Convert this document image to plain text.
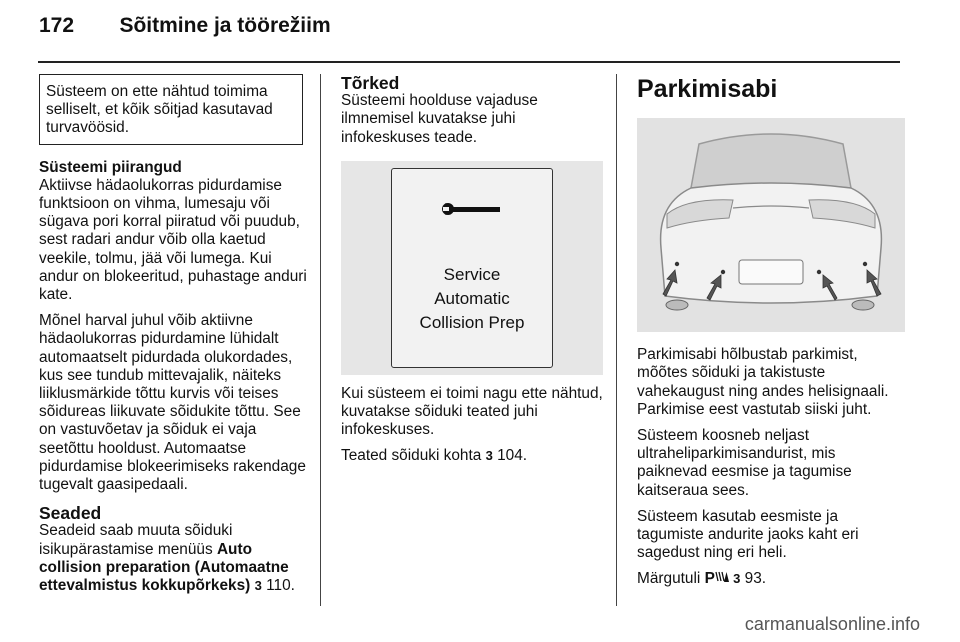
172 Sõitmine ja töörežiim
Süsteem on ette nähtud toimima selliselt, et kõik sõitjad kasutavad turvavöösid.
Süsteemi piirangud

Aktiivse hädaolukorras pidurdamise funktsioon on vihma, lumesaju või sügava pori korral piiratud või puudub, sest radari andur võib olla kaetud veekile, tolmu, jää või lumega. Kui andur on blokeeritud, puhastage anduri kate.

Mõnel harval juhul võib aktiivne hädaolukorras pidurdamine lühidalt automaatselt pidurdada olukordades, kus see tundub mittevajalik, näiteks liiklusmärkide tõttu kurvis või teises sõidureas liikuvate sõidukite tõttu. See on vastuvõetav ja sõiduk ei vaja seetõttu hooldust. Automaatse pidurdamise blokeerimiseks rakendage tugevalt gaasipedaali.

Seaded

Seadeid saab muuta sõiduki isikupärastamise menüüs Auto collision preparation (Automaatne ettevalmistus kokkupõrkeks) 3 110.

Tõrked

Süsteemi hoolduse vajaduse ilmnemisel kuvatakse juhi infokeskuses teade.

Service
Automatic
Collision Prep

Kui süsteem ei toimi nagu ette nähtud, kuvatakse sõiduki teated juhi infokeskuses.

Teated sõiduki kohta 3 104.

Parkimisabi

Parkimisabi hõlbustab parkimist, mõõtes sõiduki ja takistuste vahekaugust ning andes helisignaali. Parkimise eest vastutab siiski juht.

Süsteem koosneb neljast ultraheliparkimisandurist, mis paiknevad eesmise ja tagumise kaitseraua sees.

Süsteem kasutab eesmiste ja tagumiste andurite jaoks kaht eri sagedust ning eri heli.

Märgutuli P 3 93.

carmanualsonline.info
